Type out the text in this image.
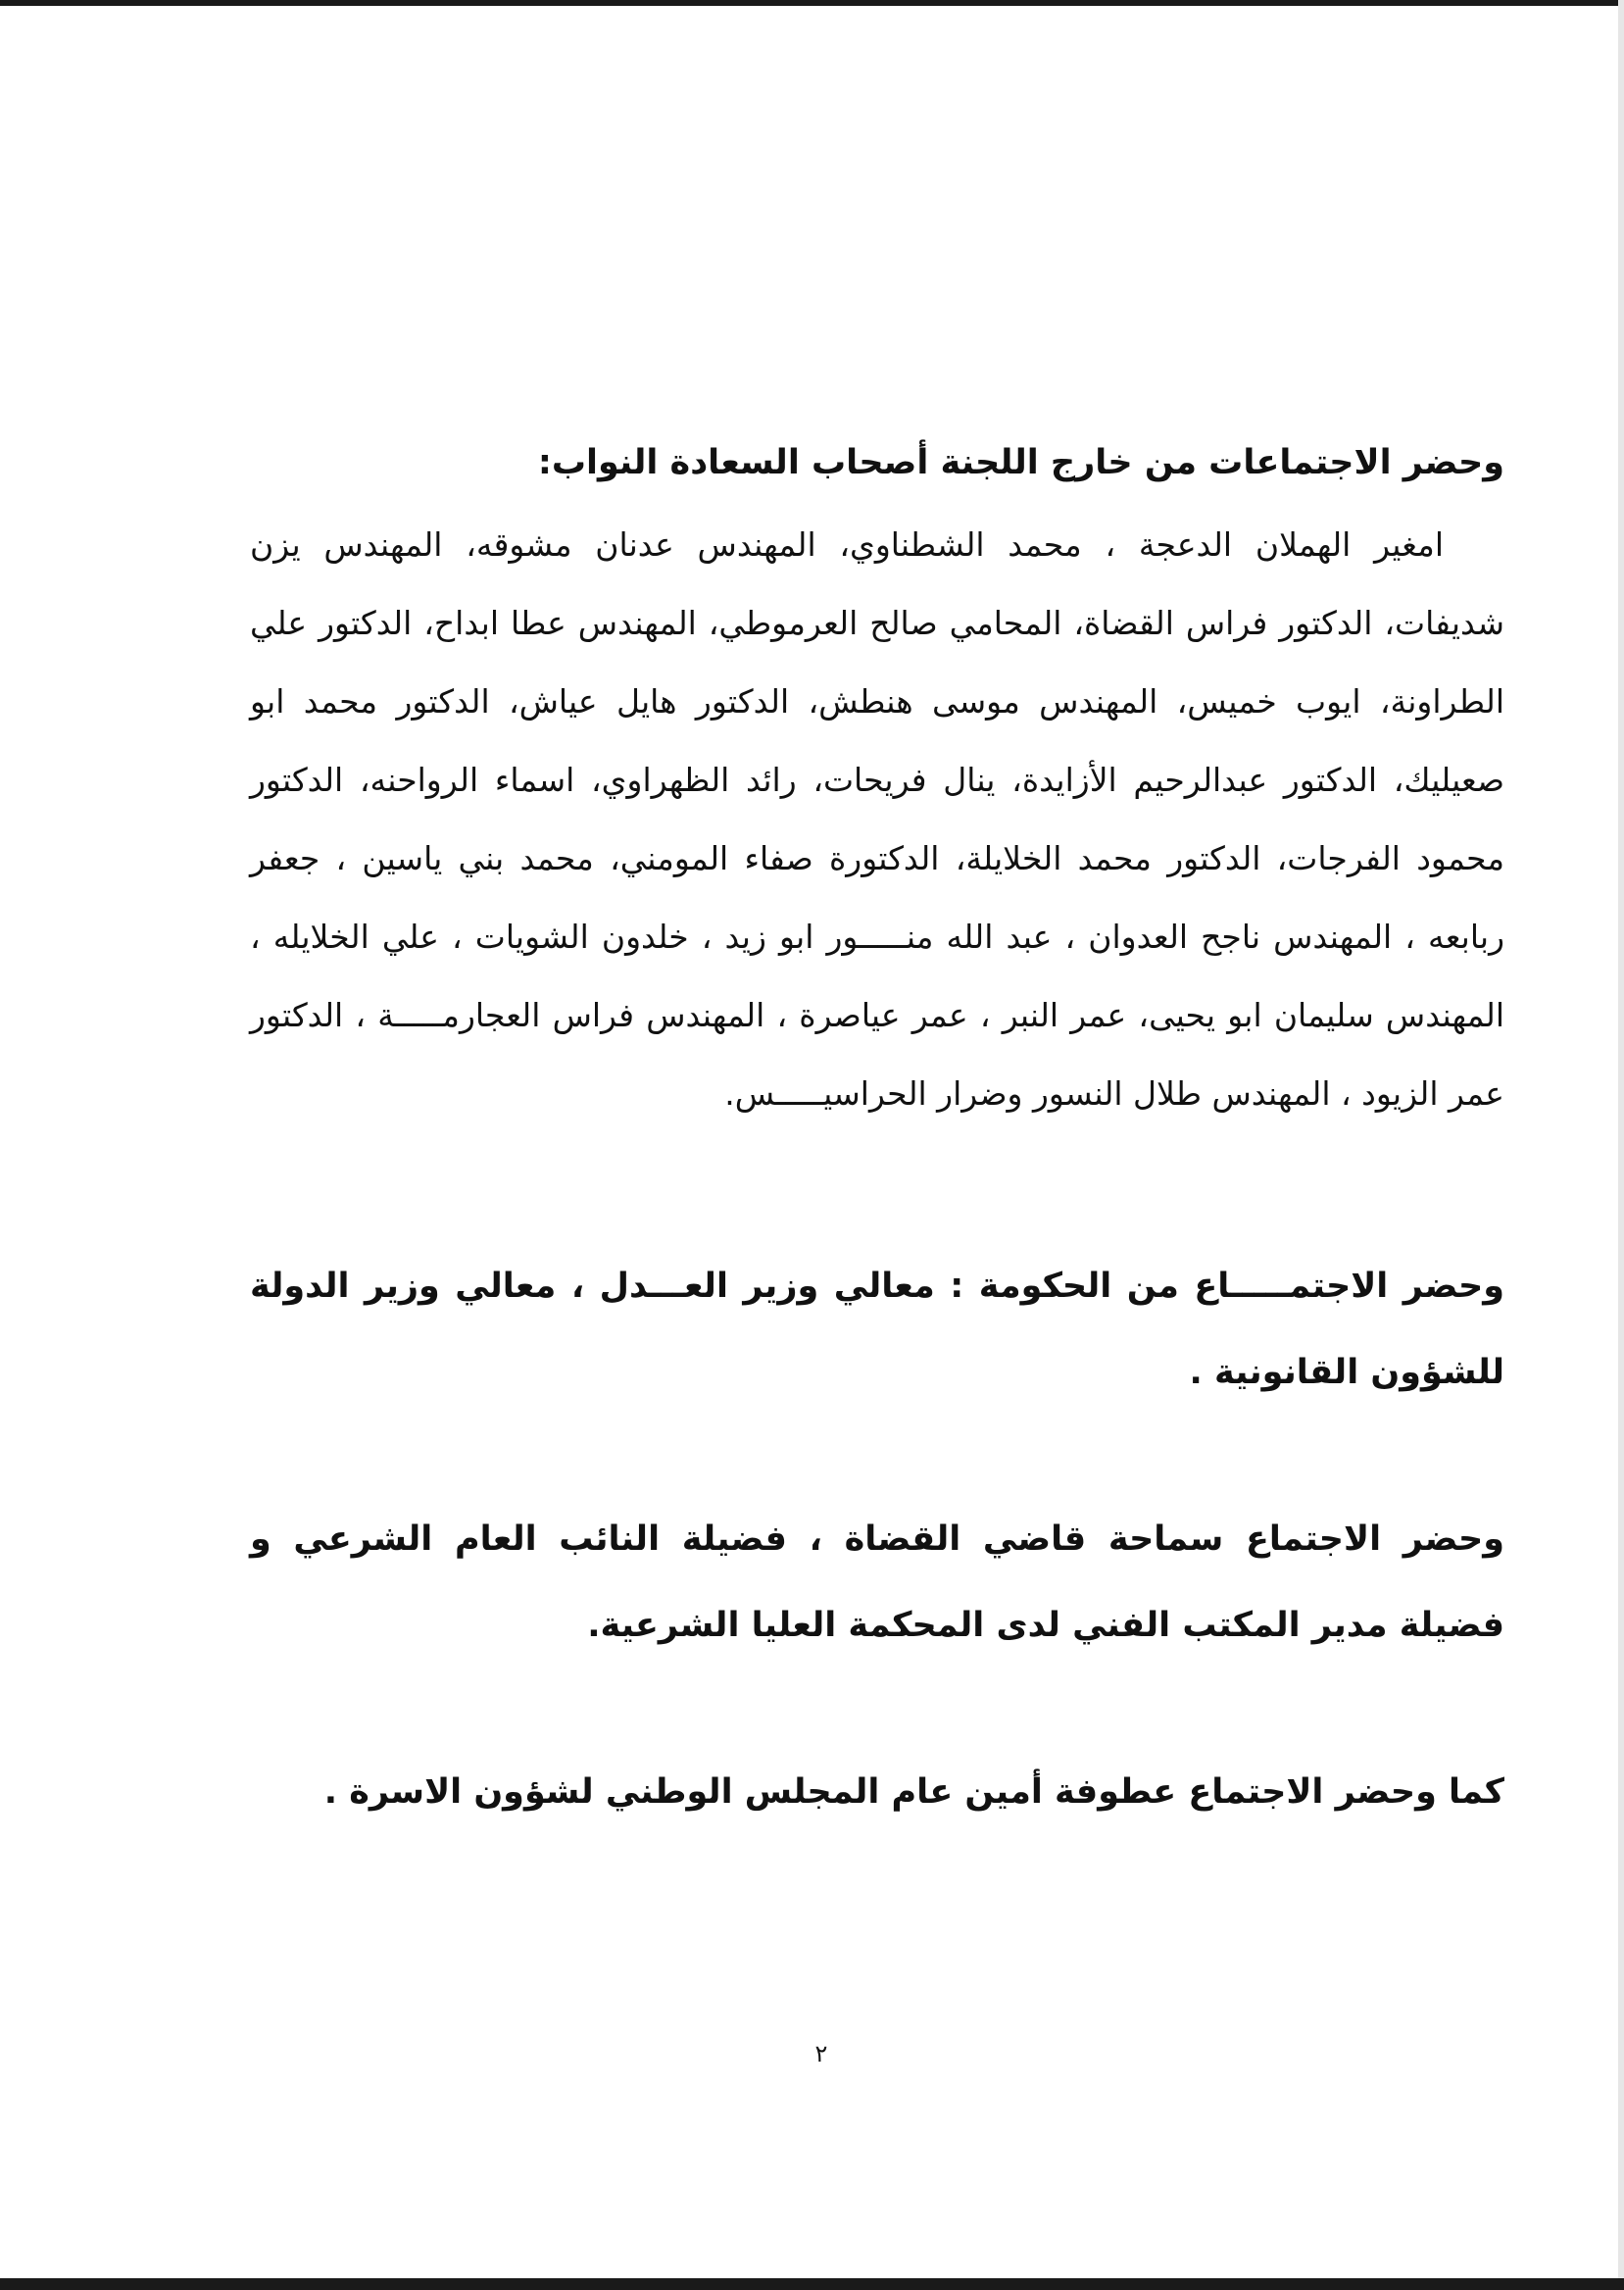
وحضر الاجتماعات من خارج اللجنة أصحاب السعادة النواب:

امغير الهملان الدعجة ، محمد الشطناوي، المهندس عدنان مشوقه، المهندس يزن شديفات، الدكتور فراس القضاة، المحامي صالح العرموطي، المهندس عطا ابداح، الدكتور علي الطراونة، ايوب خميس، المهندس موسى هنطش، الدكتور هايل عياش، الدكتور محمد ابو صعيليك، الدكتور عبدالرحيم الأزايدة، ينال فريحات، رائد الظهراوي، اسماء الرواحنه، الدكتور محمود الفرجات، الدكتور محمد الخلايلة، الدكتورة صفاء المومني، محمد بني ياسين ، جعفر ربابعه ، المهندس ناجح العدوان ، عبد الله منـــــور ابو زيد ، خلدون الشويات ، علي الخلايله ، المهندس سليمان ابو يحيى، عمر النبر ، عمر عياصرة ، المهندس فراس العجارمـــــة ، الدكتور عمر الزيود ، المهندس طلال النسور وضرار الحراسيـــــس.

وحضر الاجتمـــــاع من الحكومة : معالي وزير العـــدل ، معالي وزير الدولة للشؤون القانونية .

وحضر الاجتماع سماحة قاضي القضاة ، فضيلة النائب العام الشرعي و فضيلة مدير المكتب الفني لدى المحكمة العليا الشرعية.

كما وحضر الاجتماع عطوفة أمين عام المجلس الوطني لشؤون الاسرة .

٢
